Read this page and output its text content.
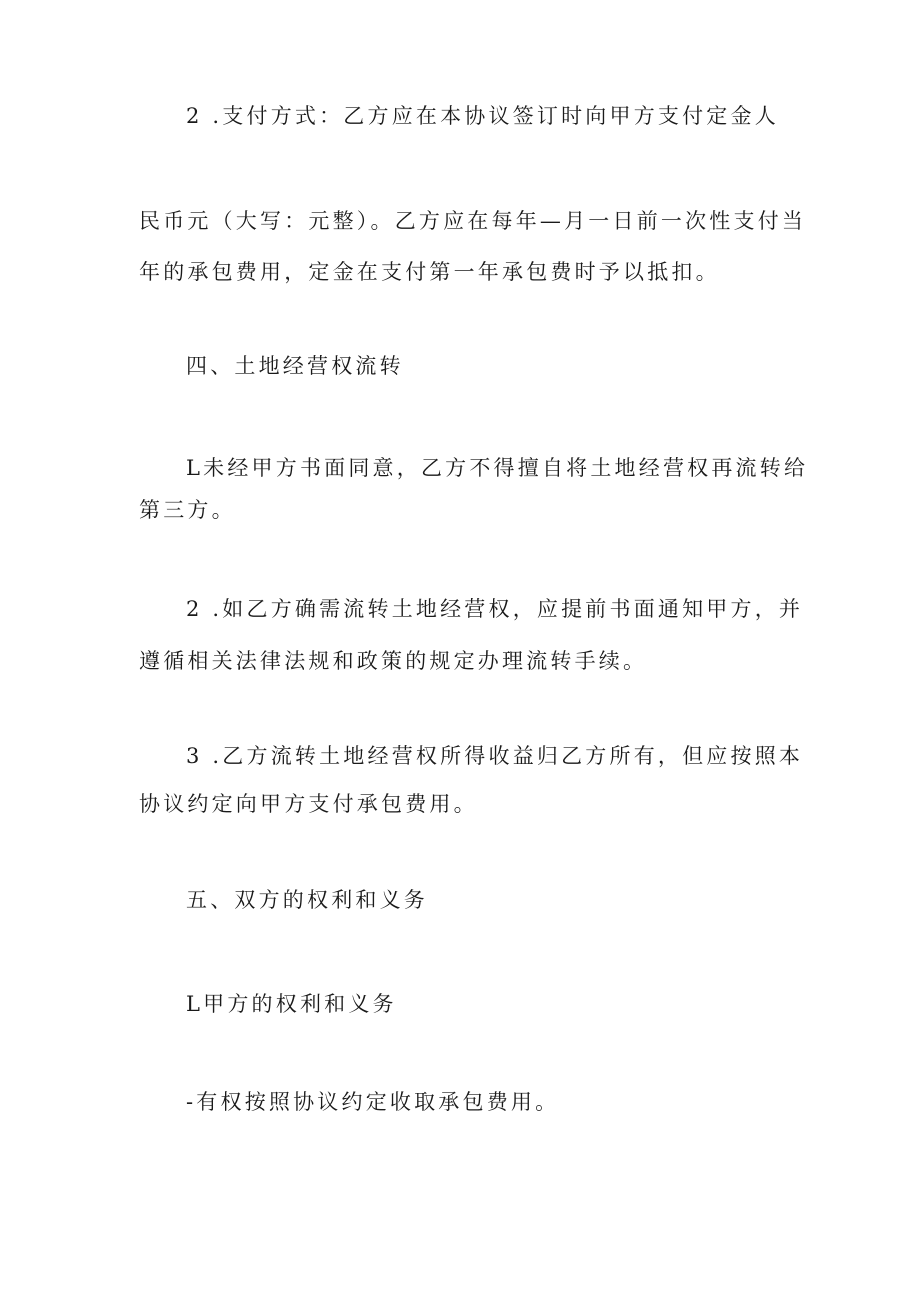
2 .支付方式：乙方应在本协议签订时向甲方支付定金人
民币元（大写：元整）。乙方应在每年—月一日前一次性支付当
年的承包费用，定金在支付第一年承包费时予以抵扣。
四、土地经营权流转
L未经甲方书面同意，乙方不得擅自将土地经营权再流转给
第三方。
2 .如乙方确需流转土地经营权，应提前书面通知甲方，并
遵循相关法律法规和政策的规定办理流转手续。
3 .乙方流转土地经营权所得收益归乙方所有，但应按照本
协议约定向甲方支付承包费用。
五、双方的权利和义务
L甲方的权利和义务
-有权按照协议约定收取承包费用。
